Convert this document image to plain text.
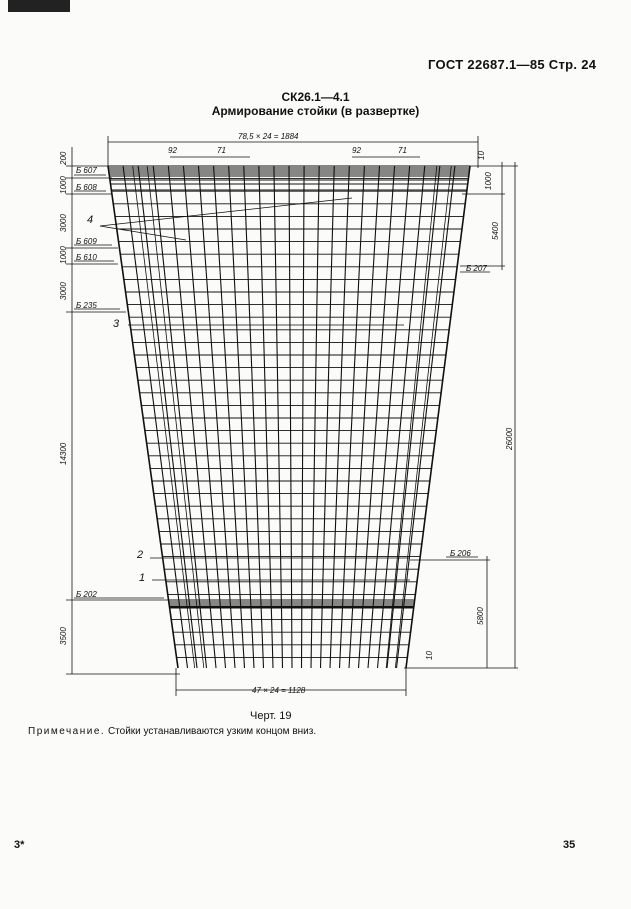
ГОСТ 22687.1—85 Стр. 24
СК26.1—4.1
Армирование стойки (в развертке)
78,5 × 24 = 1884
92	71	92	71
10
200
1000
1000
3000
3000
14300
3500
1000
5400
26000
5800
10
47 × 24 = 1128
Б 607
Б 608
Б 609
Б 610
Б 235
Б 202
Б 207
Б 206
4
3
2
1
Черт. 19
Примечание. Стойки устанавливаются узким концом вниз.
3*	35
